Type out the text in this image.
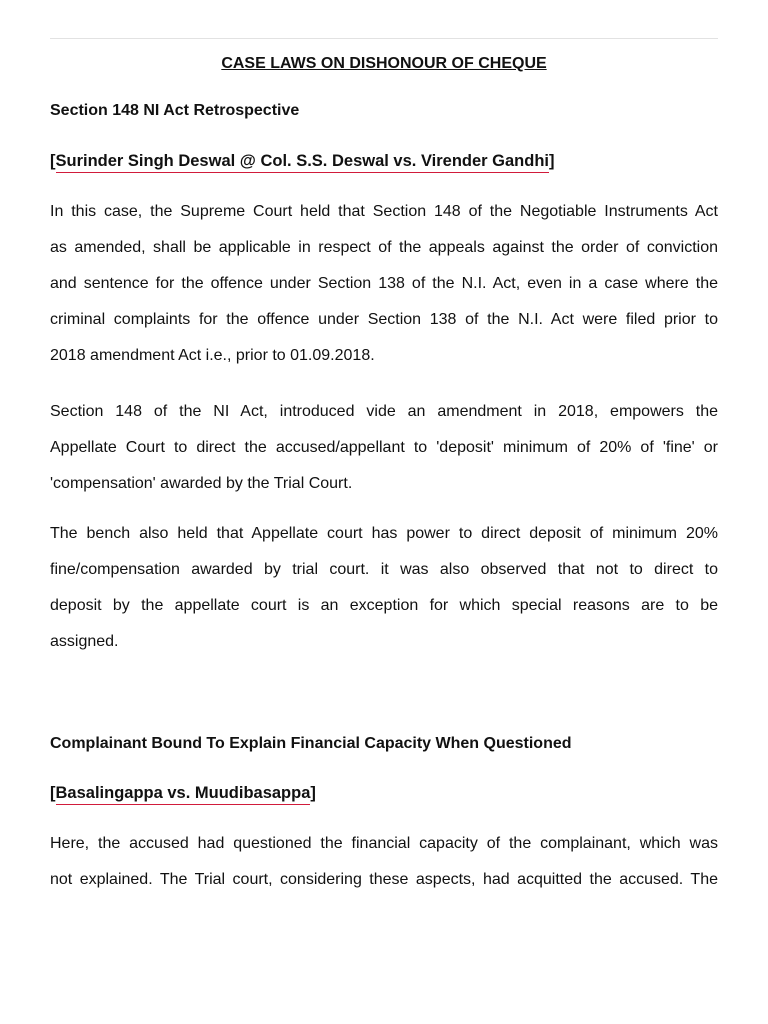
CASE LAWS ON DISHONOUR OF CHEQUE
Section 148 NI Act Retrospective
[Surinder Singh Deswal @ Col. S.S. Deswal vs. Virender Gandhi]
In this case, the Supreme Court held that Section 148 of the Negotiable Instruments Act
as amended, shall be applicable in respect of the appeals against the order of conviction
and sentence for the offence under Section 138 of the N.I. Act, even in a case where the
criminal complaints for the offence under Section 138 of the N.I. Act were filed prior to
2018 amendment Act i.e., prior to 01.09.2018.
Section 148 of the NI Act, introduced vide an amendment in 2018, empowers the
Appellate Court to direct the accused/appellant to 'deposit' minimum of 20% of 'fine' or
'compensation' awarded by the Trial Court.
The bench also held that Appellate court has power to direct deposit of minimum 20%
fine/compensation awarded by trial court. it was also observed that not to direct to
deposit by the appellate court is an exception for which special reasons are to be
assigned.
Complainant Bound To Explain Financial Capacity When Questioned
[Basalingappa vs. Muudibasappa]
Here, the accused had questioned the financial capacity of the complainant, which was
not explained. The Trial court, considering these aspects, had acquitted the accused. The
